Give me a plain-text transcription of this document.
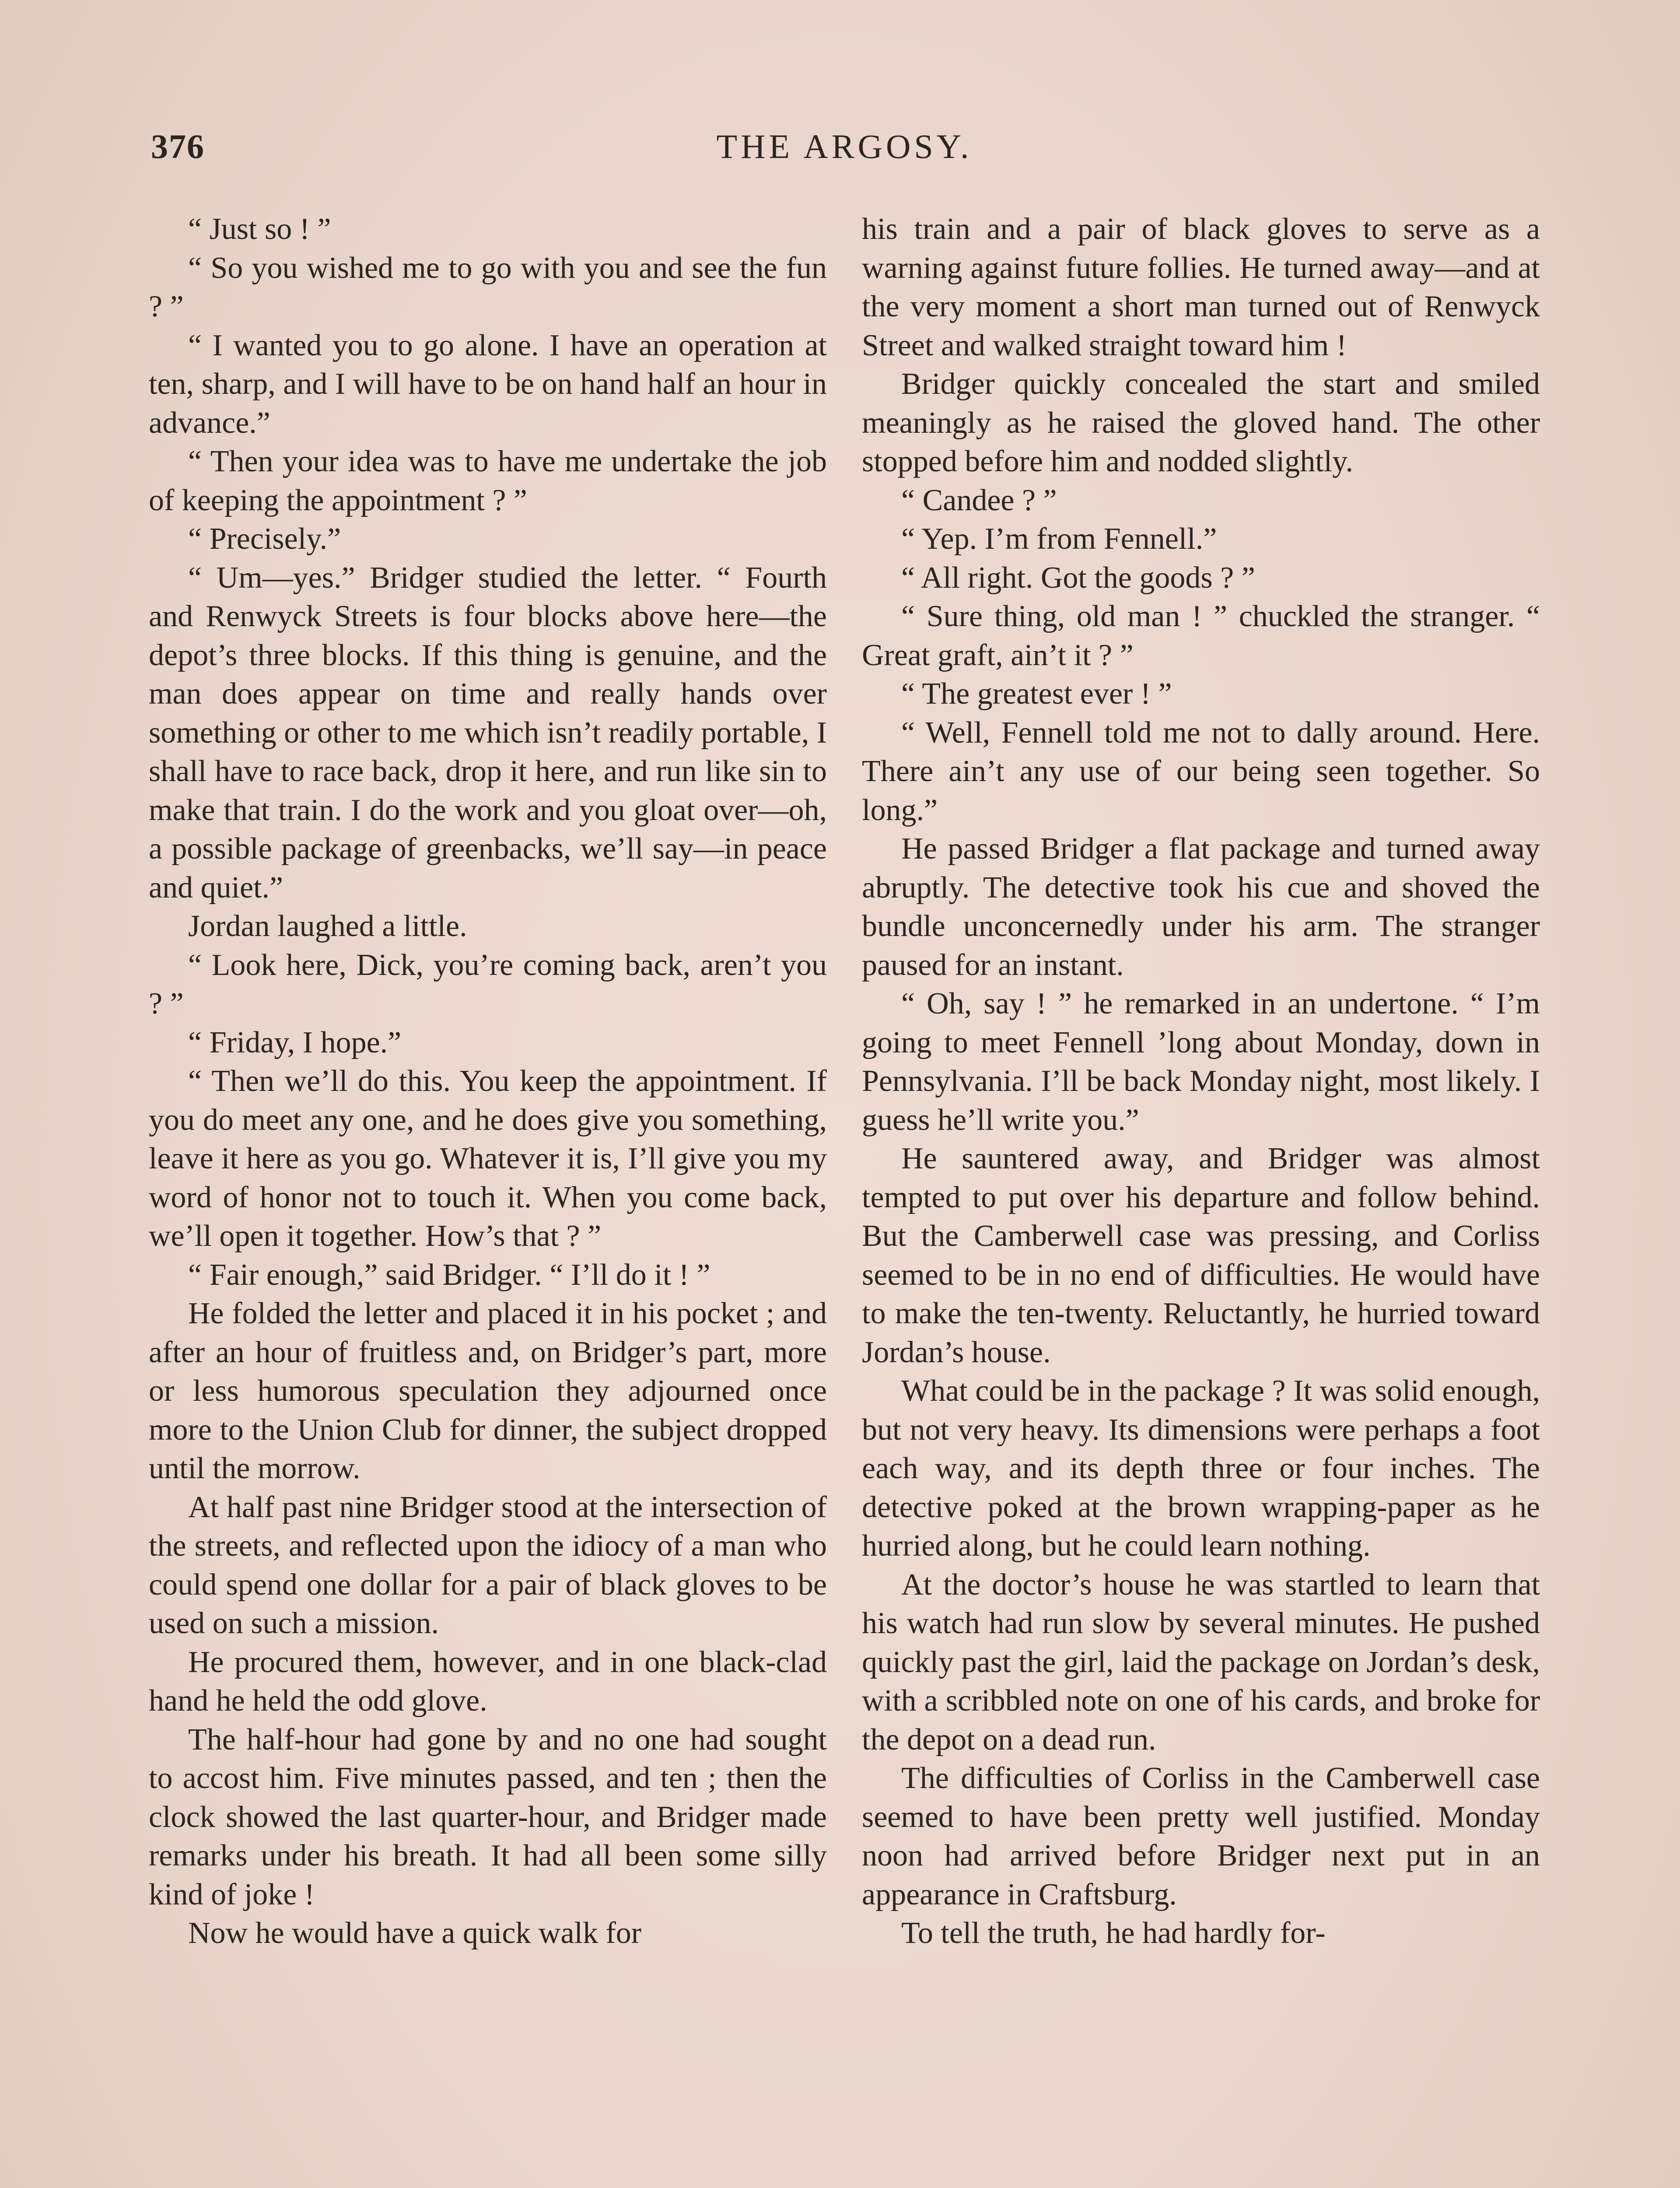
376	THE ARGOSY.

“ Just so ! ”

“ So you wished me to go with you and see the fun ? ”

“ I wanted you to go alone. I have an operation at ten, sharp, and I will have to be on hand half an hour in advance.”

“ Then your idea was to have me undertake the job of keeping the appointment ? ”

“ Precisely.”

“ Um—yes.” Bridger studied the letter. “ Fourth and Renwyck Streets is four blocks above here—the depot’s three blocks. If this thing is genuine, and the man does appear on time and really hands over something or other to me which isn’t readily portable, I shall have to race back, drop it here, and run like sin to make that train. I do the work and you gloat over—oh, a possible package of greenbacks, we’ll say—in peace and quiet.”

Jordan laughed a little.

“ Look here, Dick, you’re coming back, aren’t you ? ”

“ Friday, I hope.”

“ Then we’ll do this. You keep the appointment. If you do meet any one, and he does give you something, leave it here as you go. Whatever it is, I’ll give you my word of honor not to touch it. When you come back, we’ll open it together. How’s that ? ”

“ Fair enough,” said Bridger. “ I’ll do it ! ”

He folded the letter and placed it in his pocket ; and after an hour of fruitless and, on Bridger’s part, more or less humorous speculation they adjourned once more to the Union Club for dinner, the subject dropped until the morrow.

At half past nine Bridger stood at the intersection of the streets, and reflected upon the idiocy of a man who could spend one dollar for a pair of black gloves to be used on such a mission.

He procured them, however, and in one black-clad hand he held the odd glove.

The half-hour had gone by and no one had sought to accost him. Five minutes passed, and ten ; then the clock showed the last quarter-hour, and Bridger made remarks under his breath. It had all been some silly kind of joke !

Now he would have a quick walk for

his train and a pair of black gloves to serve as a warning against future follies. He turned away—and at the very moment a short man turned out of Renwyck Street and walked straight toward him !

Bridger quickly concealed the start and smiled meaningly as he raised the gloved hand. The other stopped before him and nodded slightly.

“ Candee ? ”

“ Yep. I’m from Fennell.”

“ All right. Got the goods ? ”

“ Sure thing, old man ! ” chuckled the stranger. “ Great graft, ain’t it ? ”

“ The greatest ever ! ”

“ Well, Fennell told me not to dally around. Here. There ain’t any use of our being seen together. So long.”

He passed Bridger a flat package and turned away abruptly. The detective took his cue and shoved the bundle unconcernedly under his arm. The stranger paused for an instant.

“ Oh, say ! ” he remarked in an undertone. “ I’m going to meet Fennell ’long about Monday, down in Pennsylvania. I’ll be back Monday night, most likely. I guess he’ll write you.”

He sauntered away, and Bridger was almost tempted to put over his departure and follow behind. But the Camberwell case was pressing, and Corliss seemed to be in no end of difficulties. He would have to make the ten-twenty. Reluctantly, he hurried toward Jordan’s house.

What could be in the package ? It was solid enough, but not very heavy. Its dimensions were perhaps a foot each way, and its depth three or four inches. The detective poked at the brown wrapping-paper as he hurried along, but he could learn nothing.

At the doctor’s house he was startled to learn that his watch had run slow by several minutes. He pushed quickly past the girl, laid the package on Jordan’s desk, with a scribbled note on one of his cards, and broke for the depot on a dead run.

The difficulties of Corliss in the Camberwell case seemed to have been pretty well justified. Monday noon had arrived before Bridger next put in an appearance in Craftsburg.

To tell the truth, he had hardly for-
